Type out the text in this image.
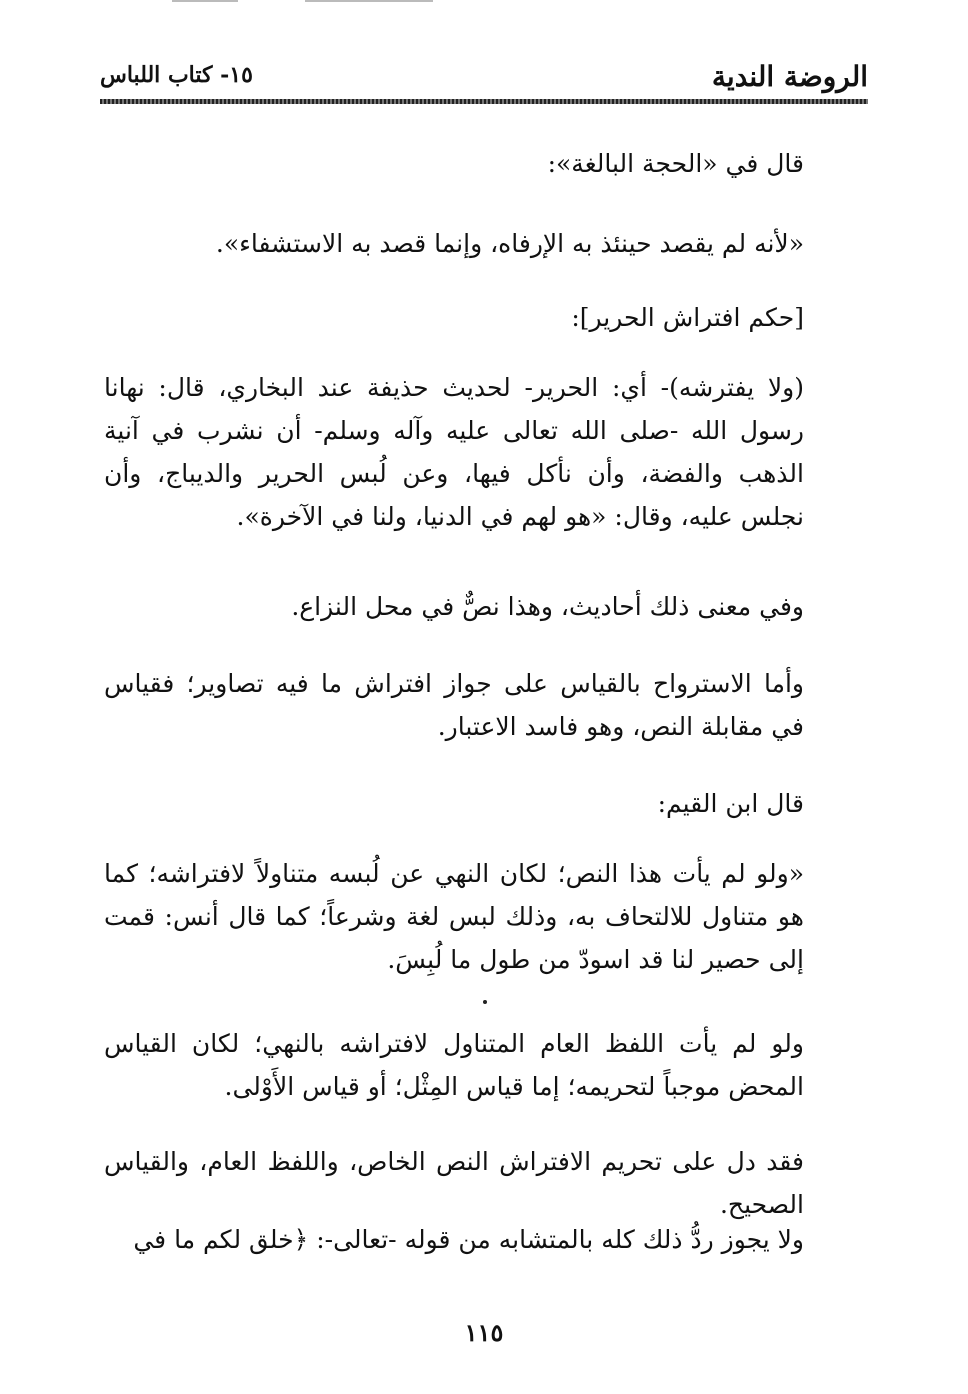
الروضة الندية
١٥- كتاب اللباس

قال في «الحجة البالغة»:

«لأنه لم يقصد حينئذ به الإرفاه، وإنما قصد به الاستشفاء».

[حكم افتراش الحرير]:

(ولا يفترشه)- أي: الحرير- لحديث حذيفة عند البخاري، قال: نهانا رسول الله -صلى الله تعالى عليه وآله وسلم- أن نشرب في آنية الذهب والفضة، وأن نأكل فيها، وعن لُبس الحرير والديباج، وأن نجلس عليه، وقال: «هو لهم في الدنيا، ولنا في الآخرة».

وفي معنى ذلك أحاديث، وهذا نصٌّ في محل النزاع.

وأما الاسترواح بالقياس على جواز افتراش ما فيه تصاوير؛ فقياس في مقابلة النص، وهو فاسد الاعتبار.

قال ابن القيم:

«ولو لم يأت هذا النص؛ لكان النهي عن لُبسه متناولاً لافتراشه؛ كما هو متناول للالتحاف به، وذلك لبس لغة وشرعاً؛ كما قال أنس: قمت إلى حصير لنا قد اسودّ من طول ما لُبِسَ.

ولو لم يأت اللفظ العام المتناول لافتراشه بالنهي؛ لكان القياس المحض موجباً لتحريمه؛ إما قياس المِثْل؛ أو قياس الأَوْلى.

فقد دل على تحريم الافتراش النص الخاص، واللفظ العام، والقياس الصحيح.

ولا يجوز ردُّ ذلك كله بالمتشابه من قوله -تعالى-: ﴿خلق لكم ما في

١١٥
